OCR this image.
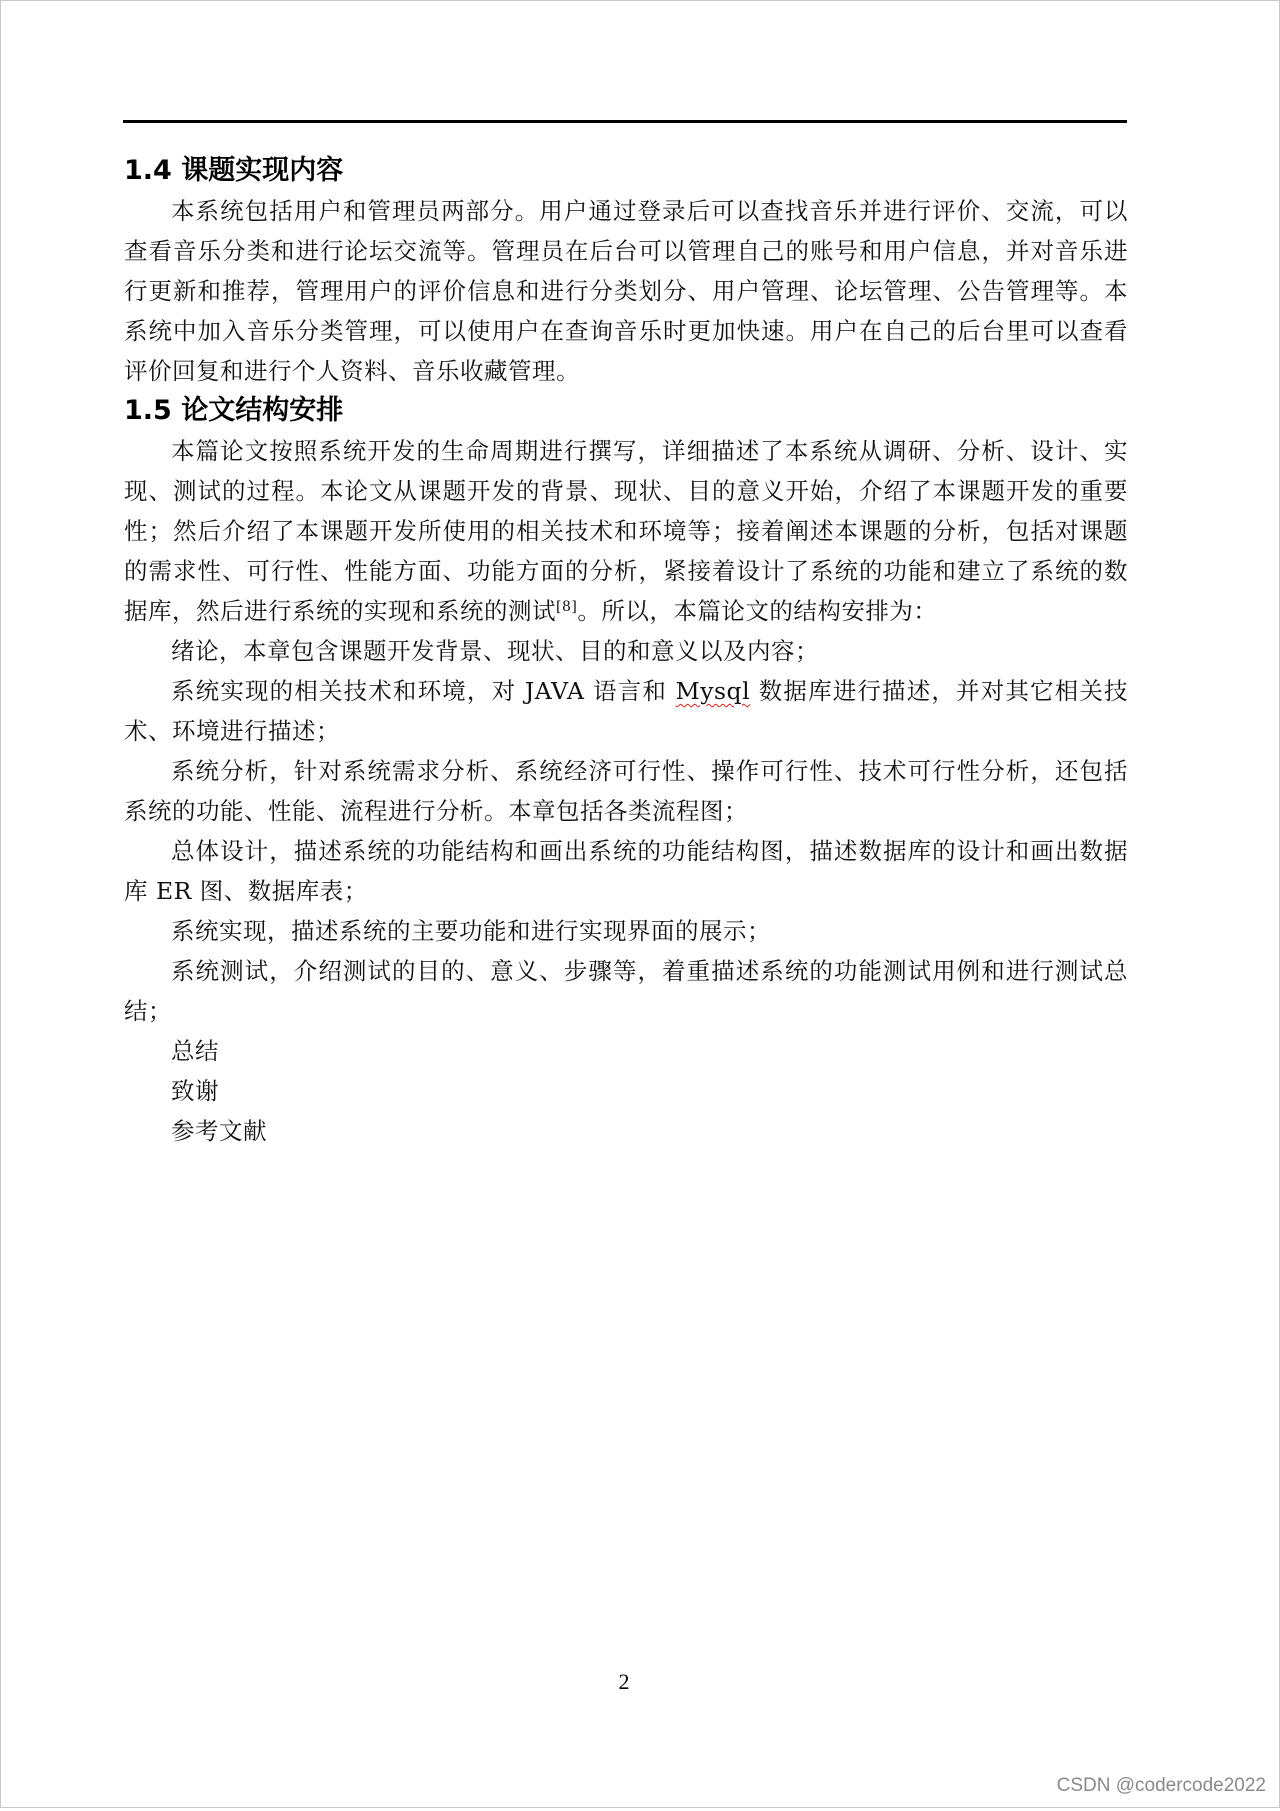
1.4 课题实现内容

本系统包括用户和管理员两部分。用户通过登录后可以查找音乐并进行评价、交流，可以查看音乐分类和进行论坛交流等。管理员在后台可以管理自己的账号和用户信息，并对音乐进行更新和推荐，管理用户的评价信息和进行分类划分、用户管理、论坛管理、公告管理等。本系统中加入音乐分类管理，可以使用户在查询音乐时更加快速。用户在自己的后台里可以查看评价回复和进行个人资料、音乐收藏管理。

1.5 论文结构安排

本篇论文按照系统开发的生命周期进行撰写，详细描述了本系统从调研、分析、设计、实现、测试的过程。本论文从课题开发的背景、现状、目的意义开始，介绍了本课题开发的重要性；然后介绍了本课题开发所使用的相关技术和环境等；接着阐述本课题的分析，包括对课题的需求性、可行性、性能方面、功能方面的分析，紧接着设计了系统的功能和建立了系统的数据库，然后进行系统的实现和系统的测试[8]。所以，本篇论文的结构安排为：

绪论，本章包含课题开发背景、现状、目的和意义以及内容；

系统实现的相关技术和环境，对 JAVA 语言和 Mysql 数据库进行描述，并对其它相关技术、环境进行描述；

系统分析，针对系统需求分析、系统经济可行性、操作可行性、技术可行性分析，还包括系统的功能、性能、流程进行分析。本章包括各类流程图；

总体设计，描述系统的功能结构和画出系统的功能结构图，描述数据库的设计和画出数据库 ER 图、数据库表；

系统实现，描述系统的主要功能和进行实现界面的展示；

系统测试，介绍测试的目的、意义、步骤等，着重描述系统的功能测试用例和进行测试总结；

总结

致谢

参考文献

2
CSDN @codercode2022
